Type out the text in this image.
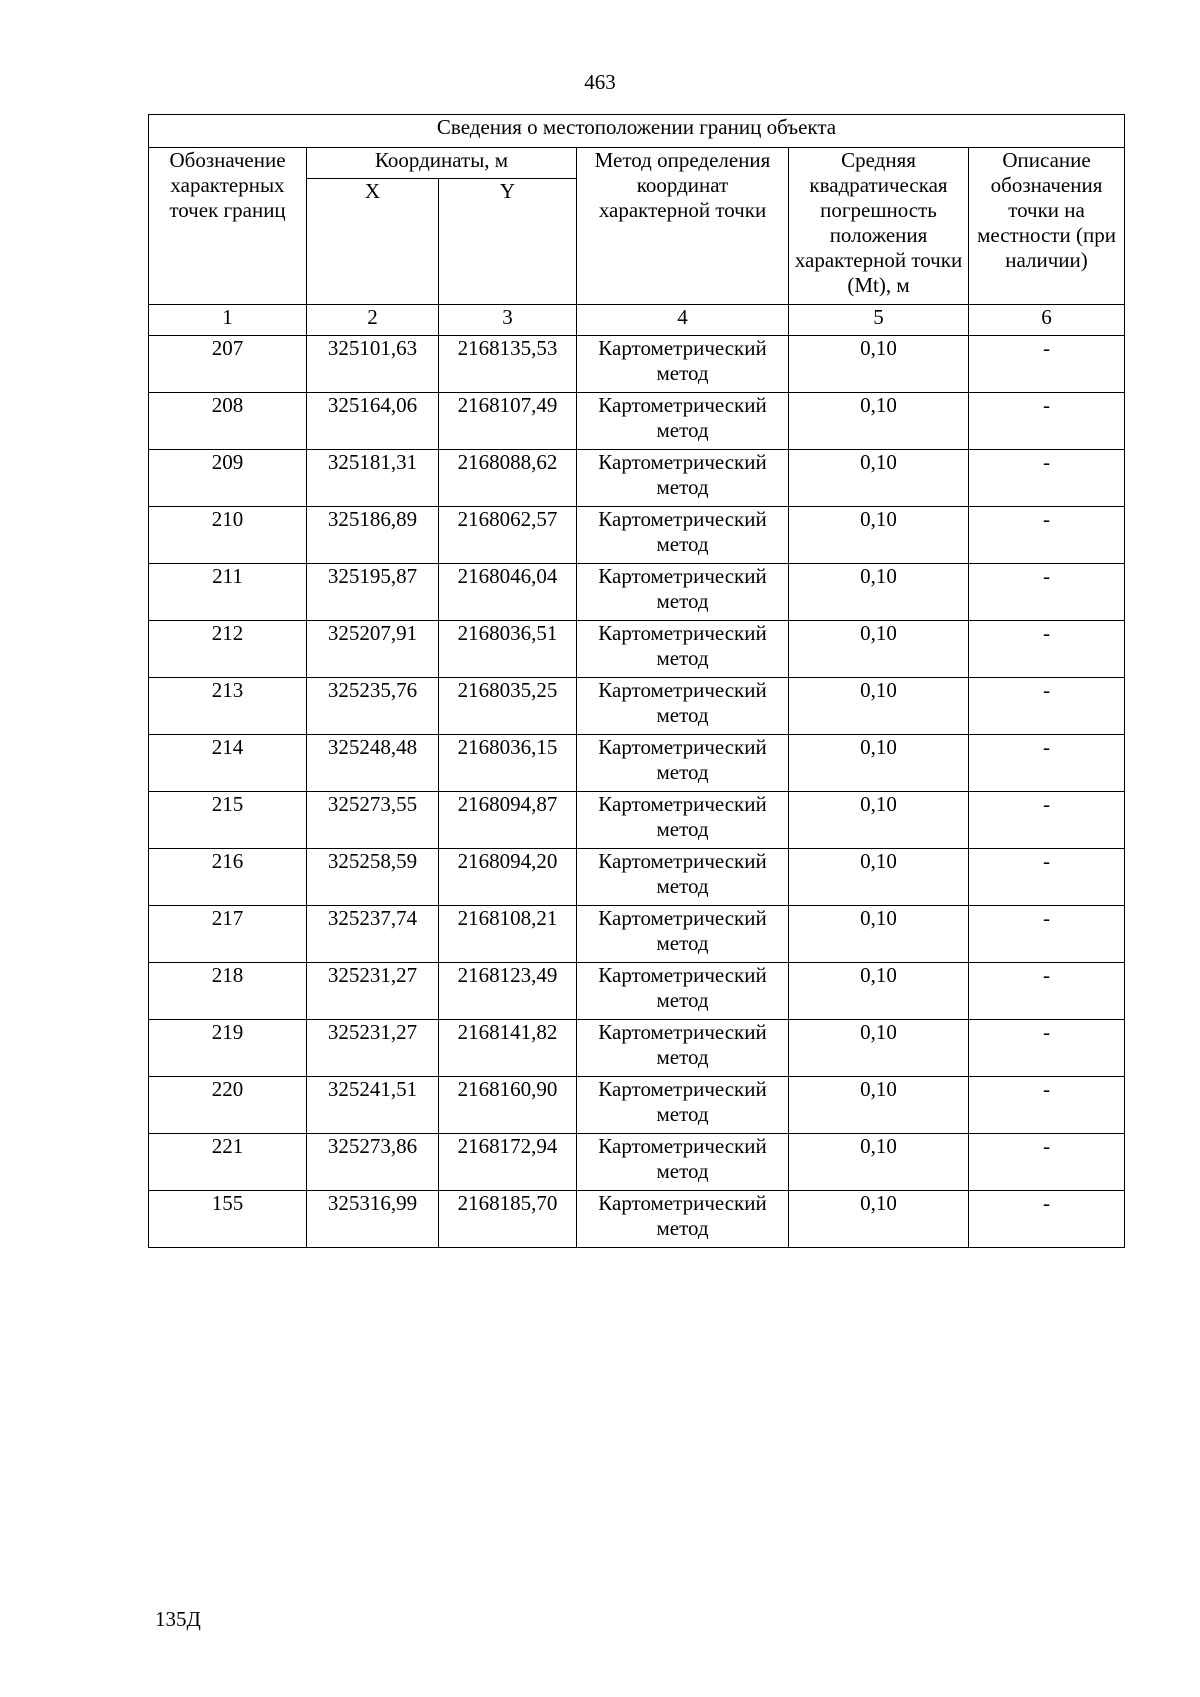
463
Сведения о местоположении границ объекта					
Обозначение характерных точек границ	Координаты, м		Метод определения координат характерной точки	Средняя квадратическая погрешность положения характерной точки (Mt), м	Описание обозначения точки на местности (при наличии)
	X	Y			
1	2	3	4	5	6
207	325101,63	2168135,53	Картометрический метод	0,10	-
208	325164,06	2168107,49	Картометрический метод	0,10	-
209	325181,31	2168088,62	Картометрический метод	0,10	-
210	325186,89	2168062,57	Картометрический метод	0,10	-
211	325195,87	2168046,04	Картометрический метод	0,10	-
212	325207,91	2168036,51	Картометрический метод	0,10	-
213	325235,76	2168035,25	Картометрический метод	0,10	-
214	325248,48	2168036,15	Картометрический метод	0,10	-
215	325273,55	2168094,87	Картометрический метод	0,10	-
216	325258,59	2168094,20	Картометрический метод	0,10	-
217	325237,74	2168108,21	Картометрический метод	0,10	-
218	325231,27	2168123,49	Картометрический метод	0,10	-
219	325231,27	2168141,82	Картометрический метод	0,10	-
220	325241,51	2168160,90	Картометрический метод	0,10	-
221	325273,86	2168172,94	Картометрический метод	0,10	-
155	325316,99	2168185,70	Картометрический метод	0,10	-
135Д
